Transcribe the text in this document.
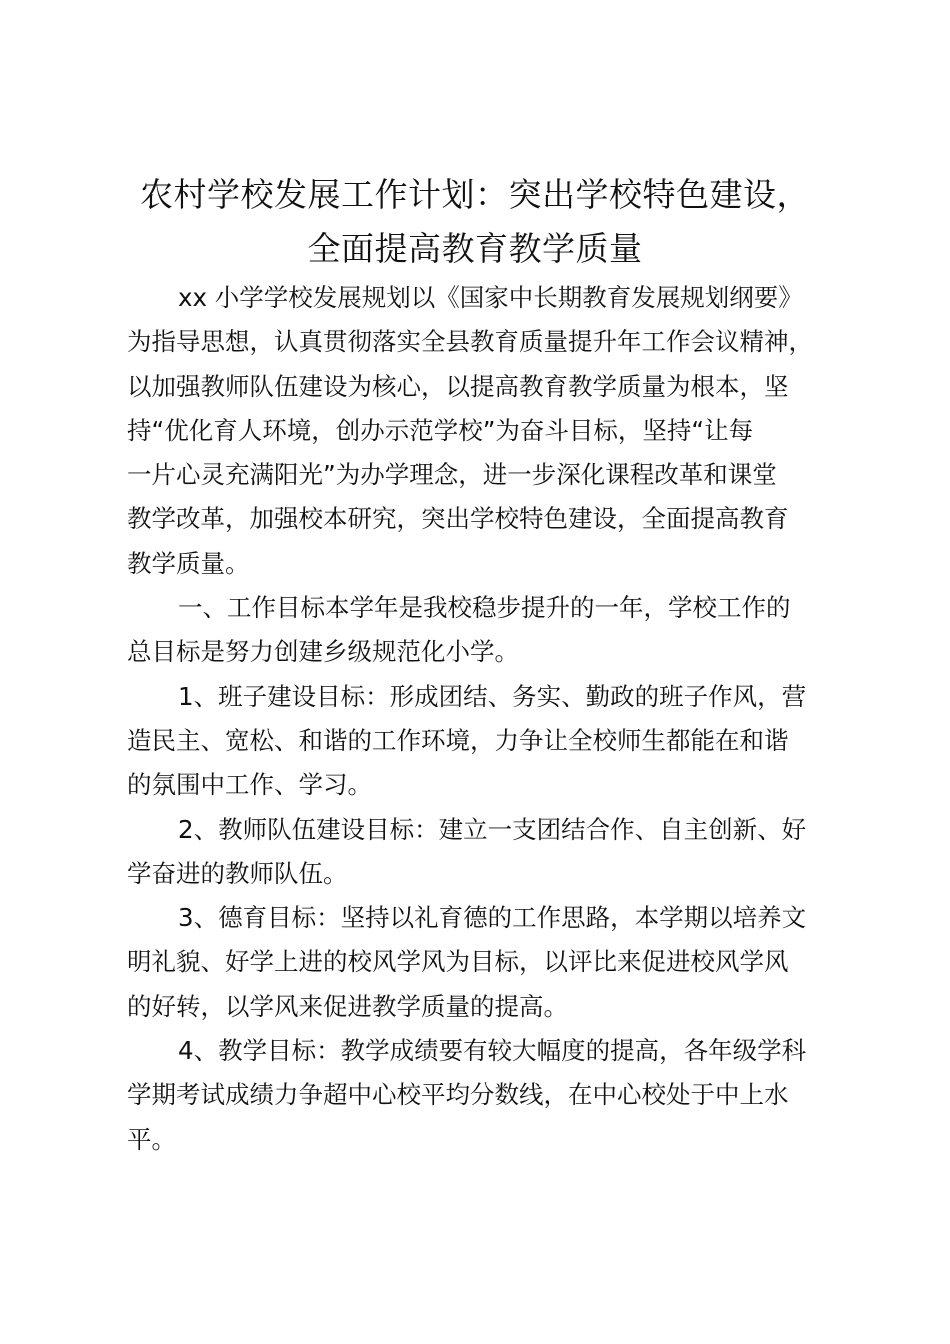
农村学校发展工作计划：突出学校特色建设，
全面提高教育教学质量

xx 小学学校发展规划以《国家中长期教育发展规划纲要》
为指导思想，认真贯彻落实全县教育质量提升年工作会议精神，
以加强教师队伍建设为核心，以提高教育教学质量为根本，坚
持“优化育人环境，创办示范学校”为奋斗目标，坚持“让每
一片心灵充满阳光”为办学理念，进一步深化课程改革和课堂
教学改革，加强校本研究，突出学校特色建设，全面提高教育
教学质量。

一、工作目标本学年是我校稳步提升的一年，学校工作的
总目标是努力创建乡级规范化小学。

1、班子建设目标：形成团结、务实、勤政的班子作风，营
造民主、宽松、和谐的工作环境，力争让全校师生都能在和谐
的氛围中工作、学习。

2、教师队伍建设目标：建立一支团结合作、自主创新、好
学奋进的教师队伍。

3、德育目标：坚持以礼育德的工作思路，本学期以培养文
明礼貌、好学上进的校风学风为目标，以评比来促进校风学风
的好转，以学风来促进教学质量的提高。

4、教学目标：教学成绩要有较大幅度的提高，各年级学科
学期考试成绩力争超中心校平均分数线，在中心校处于中上水
平。
